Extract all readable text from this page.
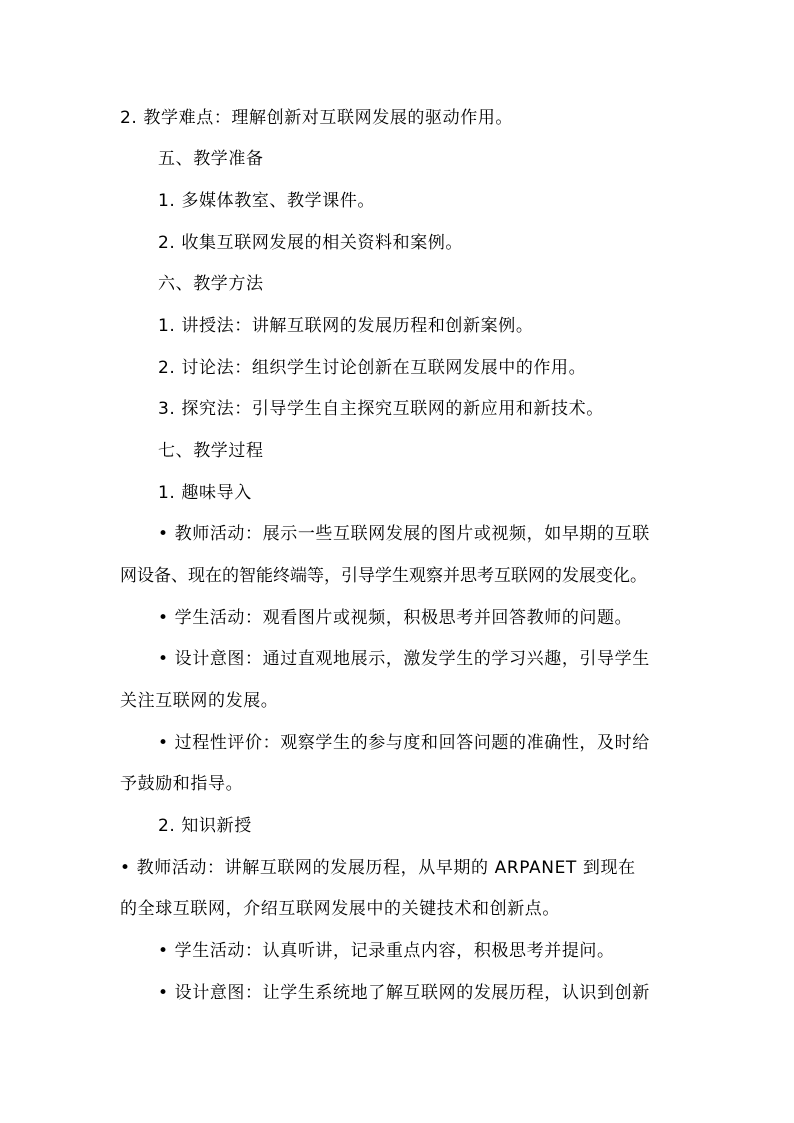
2. 教学难点：理解创新对互联网发展的驱动作用。
五、教学准备
1. 多媒体教室、教学课件。
2. 收集互联网发展的相关资料和案例。
六、教学方法
1. 讲授法：讲解互联网的发展历程和创新案例。
2. 讨论法：组织学生讨论创新在互联网发展中的作用。
3. 探究法：引导学生自主探究互联网的新应用和新技术。
七、教学过程
1. 趣味导入
• 教师活动：展示一些互联网发展的图片或视频，如早期的互联
网设备、现在的智能终端等，引导学生观察并思考互联网的发展变化。
• 学生活动：观看图片或视频，积极思考并回答教师的问题。
• 设计意图：通过直观地展示，激发学生的学习兴趣，引导学生
关注互联网的发展。
• 过程性评价：观察学生的参与度和回答问题的准确性，及时给
予鼓励和指导。
2. 知识新授
• 教师活动：讲解互联网的发展历程，从早期的 ARPANET 到现在
的全球互联网，介绍互联网发展中的关键技术和创新点。
• 学生活动：认真听讲，记录重点内容，积极思考并提问。
• 设计意图：让学生系统地了解互联网的发展历程，认识到创新
